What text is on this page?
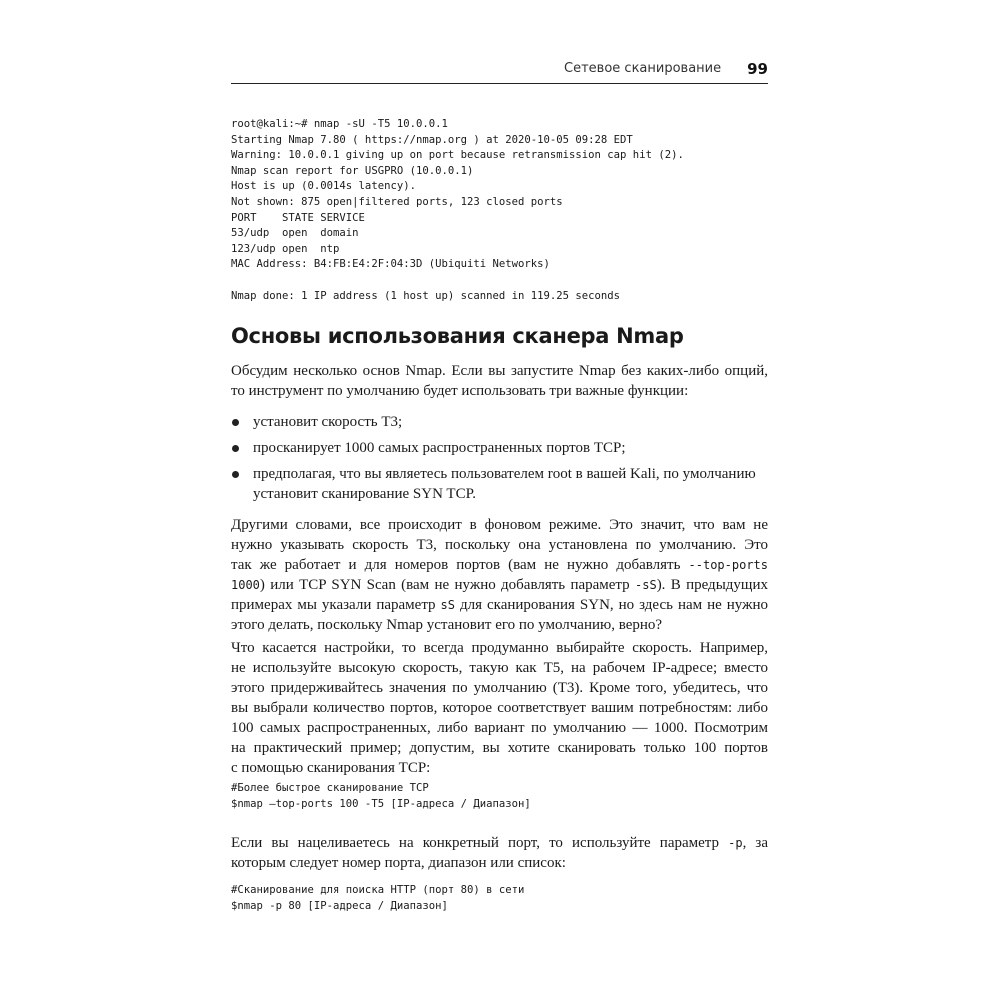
Сетевое сканирование 99
root@kali:~# nmap -sU -T5 10.0.0.1
Starting Nmap 7.80 ( https://nmap.org ) at 2020-10-05 09:28 EDT
Warning: 10.0.0.1 giving up on port because retransmission cap hit (2).
Nmap scan report for USGPRO (10.0.0.1)
Host is up (0.0014s latency).
Not shown: 875 open|filtered ports, 123 closed ports
PORT    STATE SERVICE
53/udp  open  domain
123/udp open  ntp
MAC Address: B4:FB:E4:2F:04:3D (Ubiquiti Networks)
Nmap done: 1 IP address (1 host up) scanned in 119.25 seconds
Основы использования сканера Nmap

Обсудим несколько основ Nmap. Если вы запустите Nmap без каких-либо опций,
то инструмент по умолчанию будет использовать три важные функции:

установит скорость T3;
просканирует 1000 самых распространенных портов TCP;
предполагая, что вы являетесь пользователем root в вашей Kali, по умолчанию
установит сканирование SYN TCP.

Другими словами, все происходит в фоновом режиме. Это значит, что вам не
нужно указывать скорость T3, поскольку она установлена по умолчанию. Это
так же работает и для номеров портов (вам не нужно добавлять --top-ports
1000) или TCP SYN Scan (вам не нужно добавлять параметр -sS). В предыдущих
примерах мы указали параметр sS для сканирования SYN, но здесь нам не нужно
этого делать, поскольку Nmap установит его по умолчанию, верно?

Что касается настройки, то всегда продуманно выбирайте скорость. Например,
не используйте высокую скорость, такую как T5, на рабочем IP-адресе; вместо
этого придерживайтесь значения по умолчанию (T3). Кроме того, убедитесь, что
вы выбрали количество портов, которое соответствует вашим потребностям: либо
100 самых распространенных, либо вариант по умолчанию — 1000. Посмотрим
на практический пример; допустим, вы хотите сканировать только 100 портов
с помощью сканирования TCP:

#Более быстрое сканирование TCP
$nmap —top-ports 100 -T5 [IP-адреса / Диапазон]

Если вы нацеливаетесь на конкретный порт, то используйте параметр -p, за
которым следует номер порта, диапазон или список:

#Сканирование для поиска HTTP (порт 80) в сети
$nmap -p 80 [IP-адреса / Диапазон]
